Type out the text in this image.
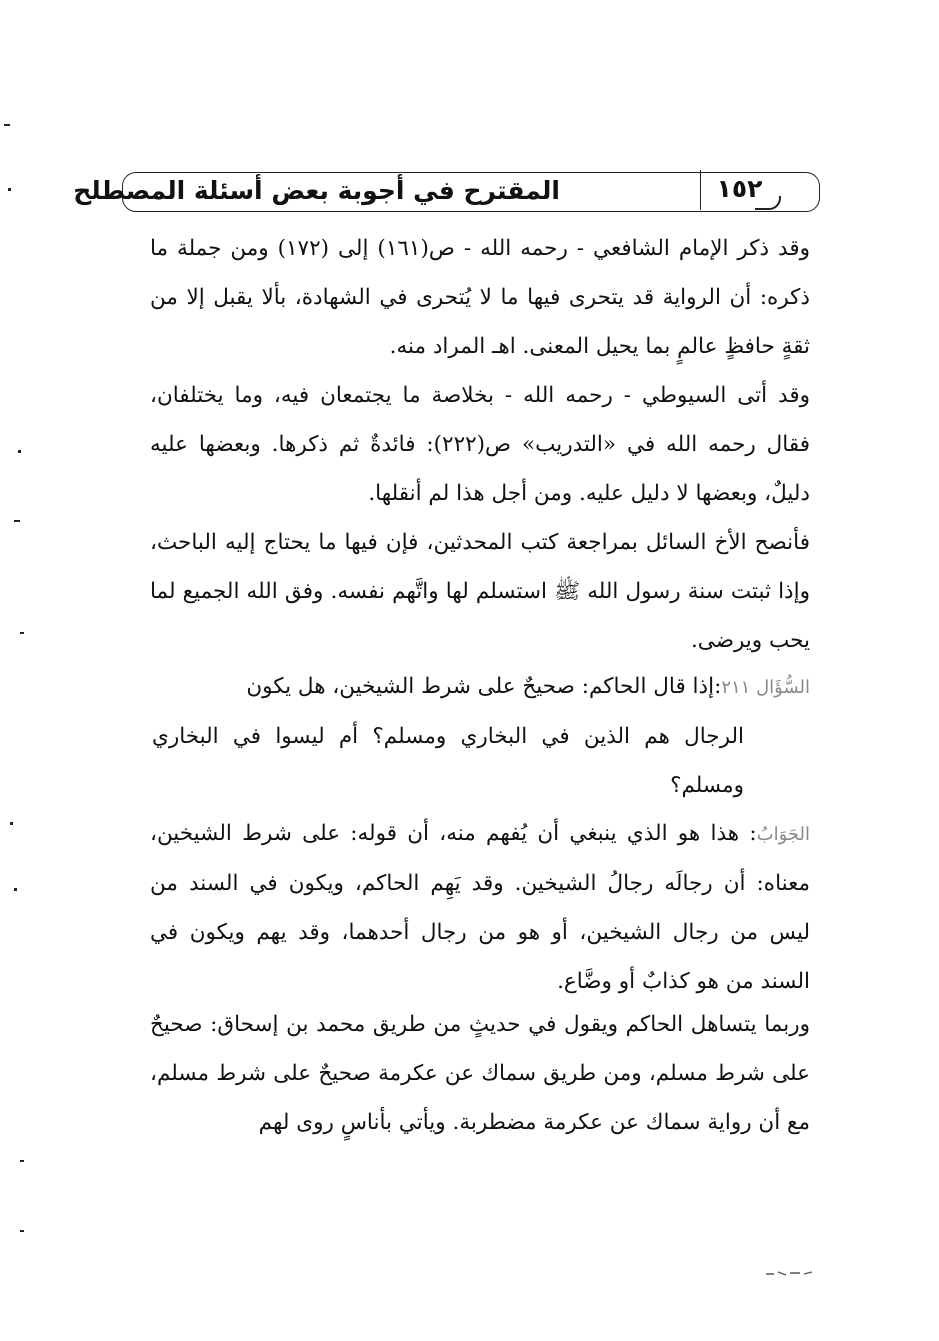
المقترح في أجوبة بعض أسئلة المصطلح	١٥٢

وقد ذكر الإمام الشافعي - رحمه الله - ص(١٦١) إلى (١٧٢) ومن جملة ما ذكره: أن الرواية قد يتحرى فيها ما لا يُتحرى في الشهادة، بألا يقبل إلا من ثقةٍ حافظٍ عالمٍ بما يحيل المعنى. اهـ المراد منه.

وقد أتى السيوطي - رحمه الله - بخلاصة ما يجتمعان فيه، وما يختلفان، فقال رحمه الله في «التدريب» ص(٢٢٢): فائدةٌ ثم ذكرها. وبعضها عليه دليلٌ، وبعضها لا دليل عليه. ومن أجل هذا لم أنقلها.

فأنصح الأخ السائل بمراجعة كتب المحدثين، فإن فيها ما يحتاج إليه الباحث، وإذا ثبتت سنة رسول الله ﷺ استسلم لها واتَّهم نفسه. وفق الله الجميع لما يحب ويرضى.

السُّؤَال ٢١١:إذا قال الحاكم: صحيحٌ على شرط الشيخين، هل يكون
الرجال هم الذين في البخاري ومسلم؟ أم ليسوا في البخاري ومسلم؟
الجَوَابُ: هذا هو الذي ينبغي أن يُفهم منه، أن قوله: على شرط الشيخين، معناه: أن رجالَه رجالُ الشيخين. وقد يَهِم الحاكم، ويكون في السند من ليس من رجال الشيخين، أو هو من رجال أحدهما، وقد يهم ويكون في السند من هو كذابٌ أو وضَّاع.

وربما يتساهل الحاكم ويقول في حديثٍ من طريق محمد بن إسحاق: صحيحٌ على شرط مسلم، ومن طريق سماك عن عكرمة صحيحٌ على شرط مسلم، مع أن رواية سماك عن عكرمة مضطربة. ويأتي بأناسٍ روى لهم
